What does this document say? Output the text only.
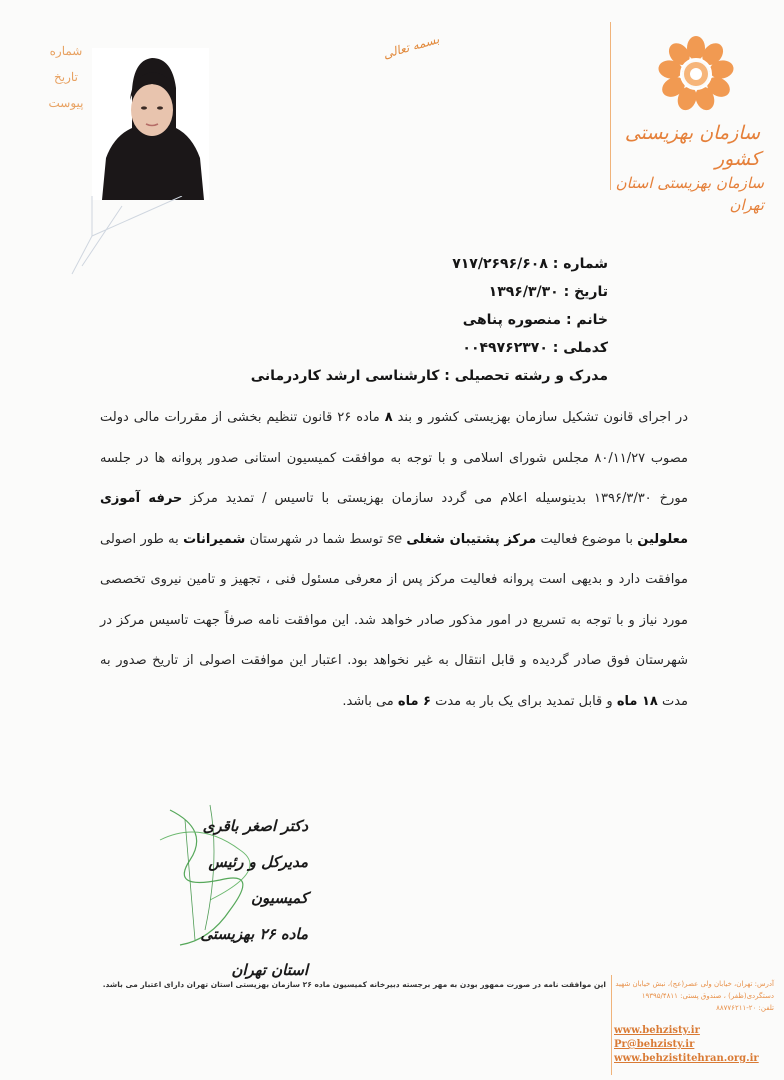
شماره
تاریخ
پیوست
بسمه تعالی
سازمان بهزیستی کشور
سازمان بهزیستی استان تهران
شماره : ۷۱۷/۲۶۹۶/۶۰۸
تاریخ : ۱۳۹۶/۳/۳۰
خانم : منصوره پناهی
کدملی : ۰۰۴۹۷۶۲۳۷۰
مدرک و رشته تحصیلی : کارشناسی ارشد کاردرمانی
در اجرای قانون تشکیل سازمان بهزیستی کشور و بند ۸ ماده ۲۶ قانون تنظیم بخشی از مقررات مالی دولت مصوب ۸۰/۱۱/۲۷ مجلس شورای اسلامی و با توجه به موافقت کمیسیون استانی صدور پروانه ها در جلسه مورخ ۱۳۹۶/۳/۳۰ بدینوسیله اعلام می گردد سازمان بهزیستی با تاسیس / تمدید مرکز حرفه آموزی معلولین با موضوع فعالیت مرکز پشتیبان شغلی se توسط شما در شهرستان شمیرانات به طور اصولی موافقت دارد و بدیهی است پروانه فعالیت مرکز پس از معرفی مسئول فنی ، تجهیز و تامین نیروی تخصصی مورد نیاز و با توجه به تسریع در امور مذکور صادر خواهد شد. این موافقت نامه صرفاً جهت تاسیس مرکز در شهرستان فوق صادر گردیده و قابل انتقال به غیر نخواهد بود. اعتبار این موافقت اصولی از تاریخ صدور به مدت ۱۸ ماه و قابل تمدید برای یک بار به مدت ۶ ماه می باشد.
دکتر اصغر باقری
مدیرکل و رئیس کمیسیون
ماده ۲۶ بهزیستی استان تهران
این موافقت نامه در صورت ممهور بودن به مهر برجسته دبیرخانه کمیسیون ماده ۲۶ سازمان بهزیستی استان تهران دارای اعتبار می باشد. آدرس: تهران، خیابان ولی عصر(عج)، نبش خیابان شهید
دستگردی(ظفر) ، صندوق پستی: ۱۹۳۹۵/۴۸۱۱
تلفن: ۲۰-۸۸۷۷۶۲۱۱
www.behzisty.ir
Pr@behzisty.ir
www.behzistitehran.org.ir
